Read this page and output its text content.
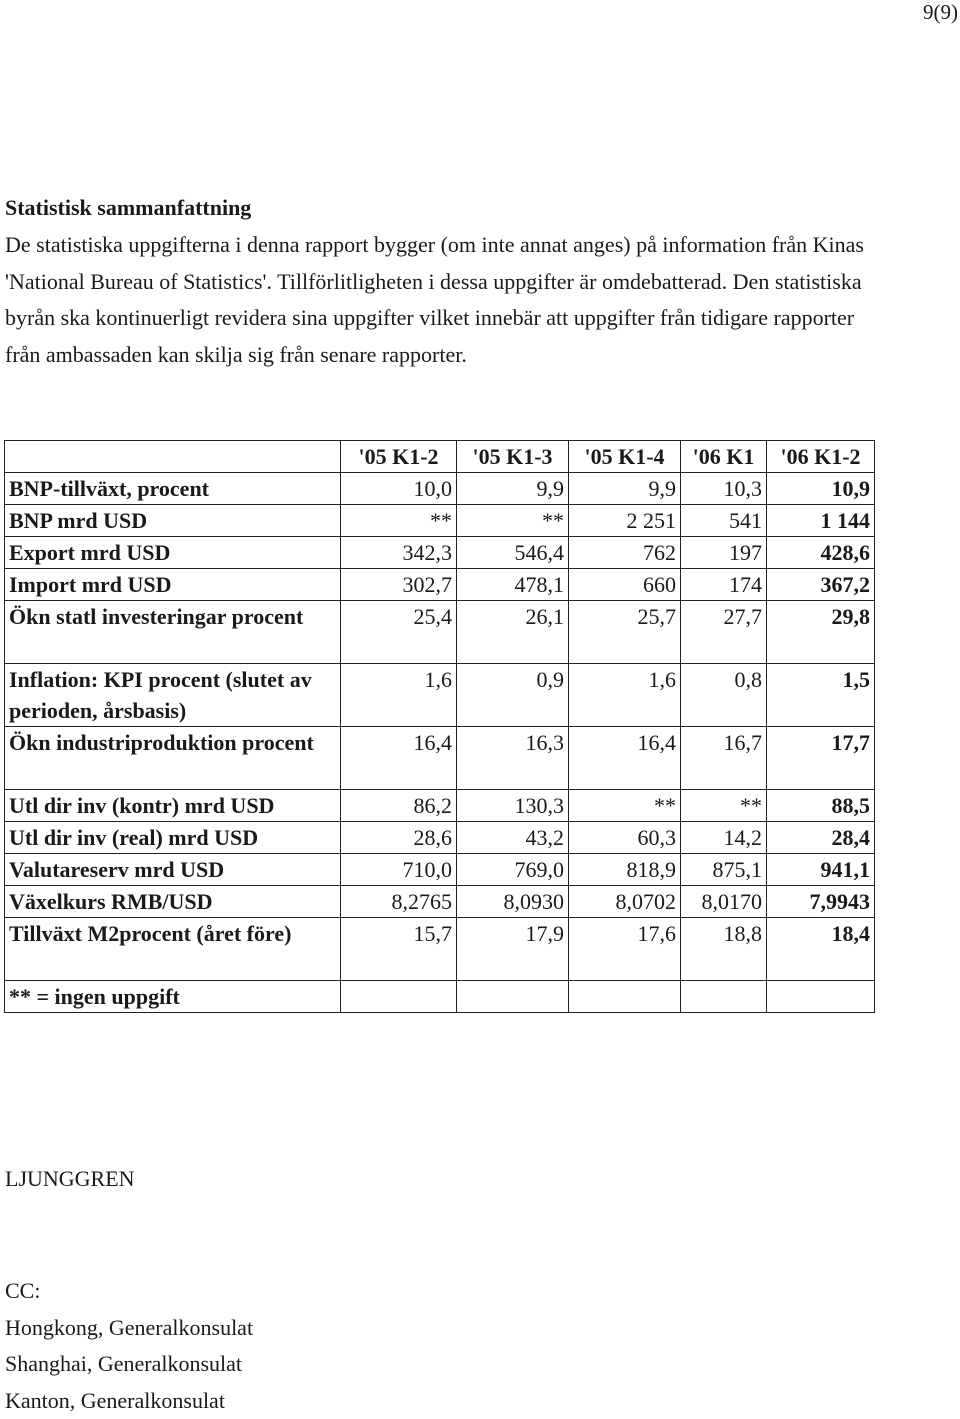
9(9)
Statistisk sammanfattning

De statistiska uppgifterna i denna rapport bygger (om inte annat anges) på information från Kinas 'National Bureau of Statistics'. Tillförlitligheten i dessa uppgifter är omdebatterad. Den statistiska byrån ska kontinuerligt revidera sina uppgifter vilket innebär att uppgifter från tidigare rapporter från ambassaden kan skilja sig från senare rapporter.

	'05 K1-2	'05 K1-3	'05 K1-4	'06 K1	'06 K1-2
BNP-tillväxt, procent	10,0	9,9	9,9	10,3	10,9
BNP mrd USD	**	**	2 251	541	1 144
Export mrd USD	342,3	546,4	762	197	428,6
Import mrd USD	302,7	478,1	660	174	367,2
Ökn statl investeringar procent	25,4	26,1	25,7	27,7	29,8
Inflation: KPI procent (slutet av perioden, årsbasis)	1,6	0,9	1,6	0,8	1,5
Ökn industriproduktion procent	16,4	16,3	16,4	16,7	17,7
Utl dir inv (kontr) mrd USD	86,2	130,3	**	**	88,5
Utl dir inv (real) mrd USD	28,6	43,2	60,3	14,2	28,4
Valutareserv mrd USD	710,0	769,0	818,9	875,1	941,1
Växelkurs RMB/USD	8,2765	8,0930	8,0702	8,0170	7,9943
Tillväxt M2procent (året före)	15,7	17,9	17,6	18,8	18,4
** = ingen uppgift					

LJUNGGREN

CC:
Hongkong, Generalkonsulat
Shanghai, Generalkonsulat
Kanton, Generalkonsulat
